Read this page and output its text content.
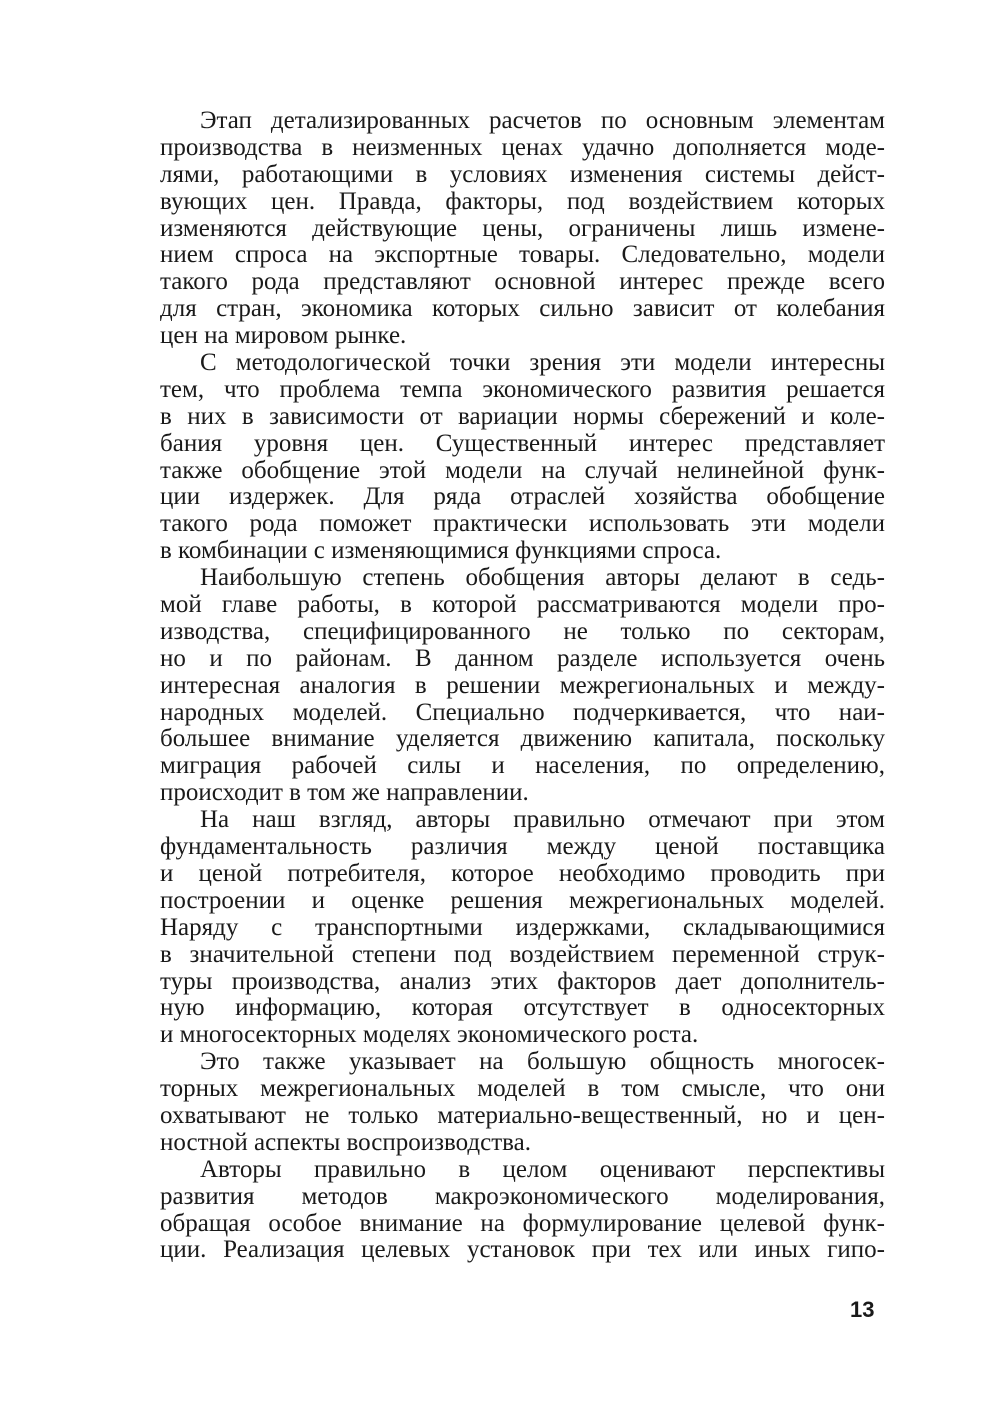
Этап детализированных расчетов по основным элементам
производства в неизменных ценах удачно дополняется моде-
лями, работающими в условиях изменения системы дейст-
вующих цен. Правда, факторы, под воздействием которых
изменяются действующие цены, ограничены лишь измене-
нием спроса на экспортные товары. Следовательно, модели
такого рода представляют основной интерес прежде всего
для стран, экономика которых сильно зависит от колебания
цен на мировом рынке.
С методологической точки зрения эти модели интересны
тем, что проблема темпа экономического развития решается
в них в зависимости от вариации нормы сбережений и коле-
бания уровня цен. Существенный интерес представляет
также обобщение этой модели на случай нелинейной функ-
ции издержек. Для ряда отраслей хозяйства обобщение
такого рода поможет практически использовать эти модели
в комбинации с изменяющимися функциями спроса.
Наибольшую степень обобщения авторы делают в седь-
мой главе работы, в которой рассматриваются модели про-
изводства, специфицированного не только по секторам,
но и по районам. В данном разделе используется очень
интересная аналогия в решении межрегиональных и между-
народных моделей. Специально подчеркивается, что наи-
большее внимание уделяется движению капитала, поскольку
миграция рабочей силы и населения, по определению,
происходит в том же направлении.
На наш взгляд, авторы правильно отмечают при этом
фундаментальность различия между ценой поставщика
и ценой потребителя, которое необходимо проводить при
построении и оценке решения межрегиональных моделей.
Наряду с транспортными издержками, складывающимися
в значительной степени под воздействием переменной струк-
туры производства, анализ этих факторов дает дополнитель-
ную информацию, которая отсутствует в односекторных
и многосекторных моделях экономического роста.
Это также указывает на большую общность многосек-
торных межрегиональных моделей в том смысле, что они
охватывают не только материально-вещественный, но и цен-
ностной аспекты воспроизводства.
Авторы правильно в целом оценивают перспективы
развития методов макроэкономического моделирования,
обращая особое внимание на формулирование целевой функ-
ции. Реализация целевых установок при тех или иных гипо-
13
